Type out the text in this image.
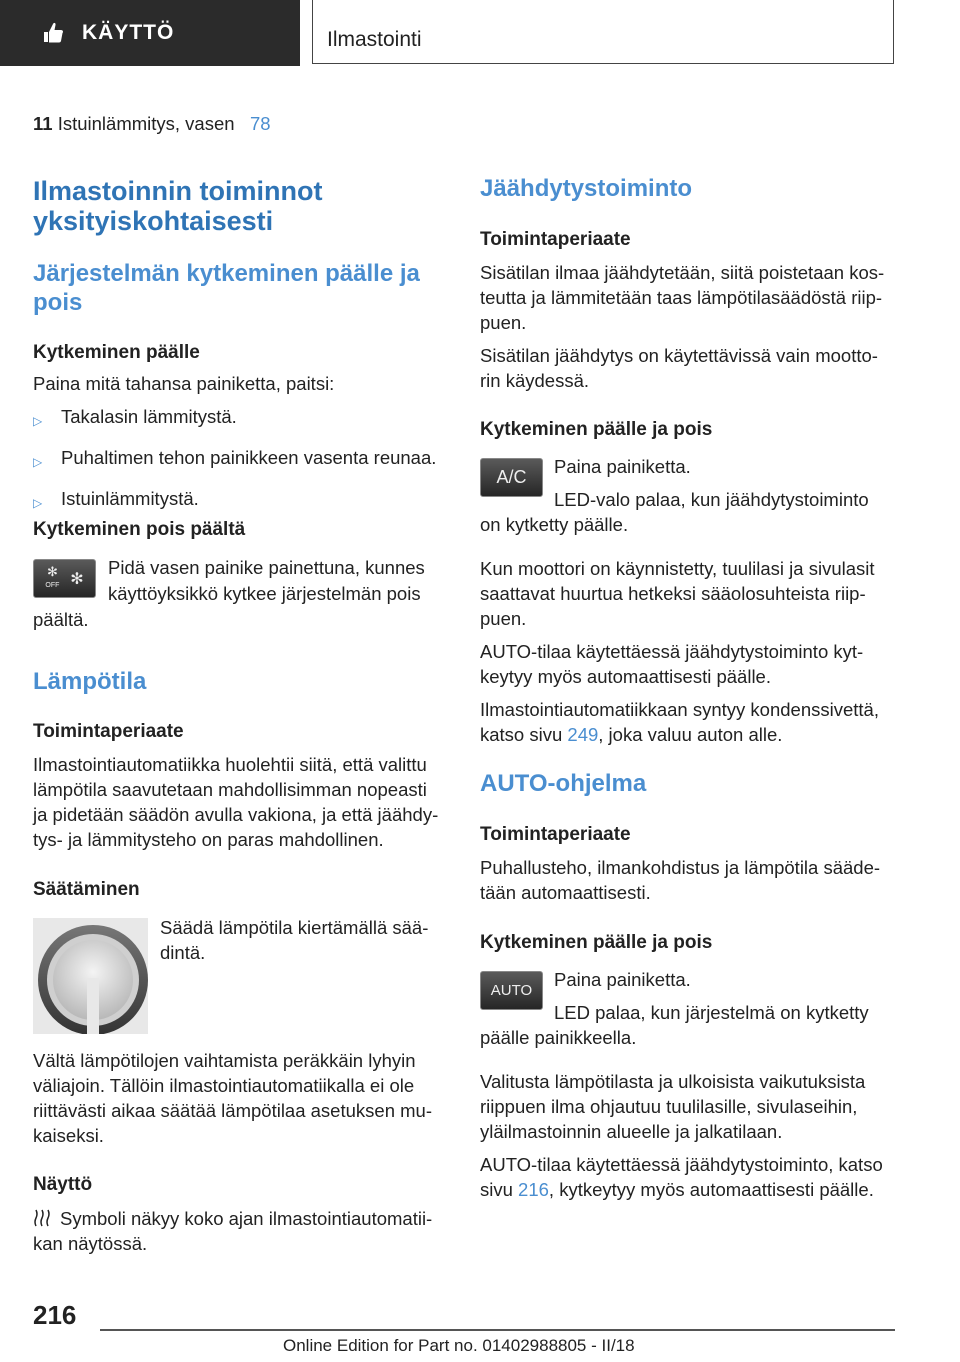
KÄYTTÖ	Ilmastointi
11 Istuinlämmitys, vasen 78
Ilmastoinnin toiminnot
yksityiskohtaisesti
Järjestelmän kytkeminen päälle ja
pois
Kytkeminen päälle
Paina mitä tahansa painiketta, paitsi:
▷	Takalasin lämmitystä.
▷	Puhaltimen tehon painikkeen vasenta reunaa.
▷	Istuinlämmitystä.
Kytkeminen pois päältä
✻
OFF ✻
Pidä vasen painike painettuna, kunnes
käyttöyksikkö kytkee järjestelmän pois
päältä.
Lämpötila
Toimintaperiaate
Ilmastointiautomatiikka huolehtii siitä, että valittu
lämpötila saavutetaan mahdollisimman nopeasti
ja pidetään säädön avulla vakiona, ja että jäähdy-
tys- ja lämmitysteho on paras mahdollinen.
Säätäminen
Säädä lämpötila kiertämällä sää-
dintä.
Vältä lämpötilojen vaihtamista peräkkäin lyhyin
väliajoin. Tällöin ilmastointiautomatiikalla ei ole
riittävästi aikaa säätää lämpötilaa asetuksen mu-
kaiseksi.
Näyttö
Symboli näkyy koko ajan ilmastointiautomatii-
kan näytössä.
Jäähdytystoiminto
Toimintaperiaate
Sisätilan ilmaa jäähdytetään, siitä poistetaan kos-
teutta ja lämmitetään taas lämpötilasäädöstä riip-
puen.
Sisätilan jäähdytys on käytettävissä vain mootto-
rin käydessä.
Kytkeminen päälle ja pois
A/C	Paina painiketta.
LED-valo palaa, kun jäähdytystoiminto
on kytketty päälle.
Kun moottori on käynnistetty, tuulilasi ja sivulasit
saattavat huurtua hetkeksi sääolosuhteista riip-
puen.
AUTO-tilaa käytettäessä jäähdytystoiminto kyt-
keytyy myös automaattisesti päälle.
Ilmastointiautomatiikkaan syntyy kondenssivettä,
katso sivu 249, joka valuu auton alle.
AUTO-ohjelma
Toimintaperiaate
Puhallusteho, ilmankohdistus ja lämpötila sääde-
tään automaattisesti.
Kytkeminen päälle ja pois
AUTO
Paina painiketta.
LED palaa, kun järjestelmä on kytketty
päälle painikkeella.
Valitusta lämpötilasta ja ulkoisista vaikutuksista
riippuen ilma ohjautuu tuulilasille, sivulaseihin,
yläilmastoinnin alueelle ja jalkatilaan.
AUTO-tilaa käytettäessä jäähdytystoiminto, katso
sivu 216, kytkeytyy myös automaattisesti päälle.
216
Online Edition for Part no. 01402988805 - II/18
